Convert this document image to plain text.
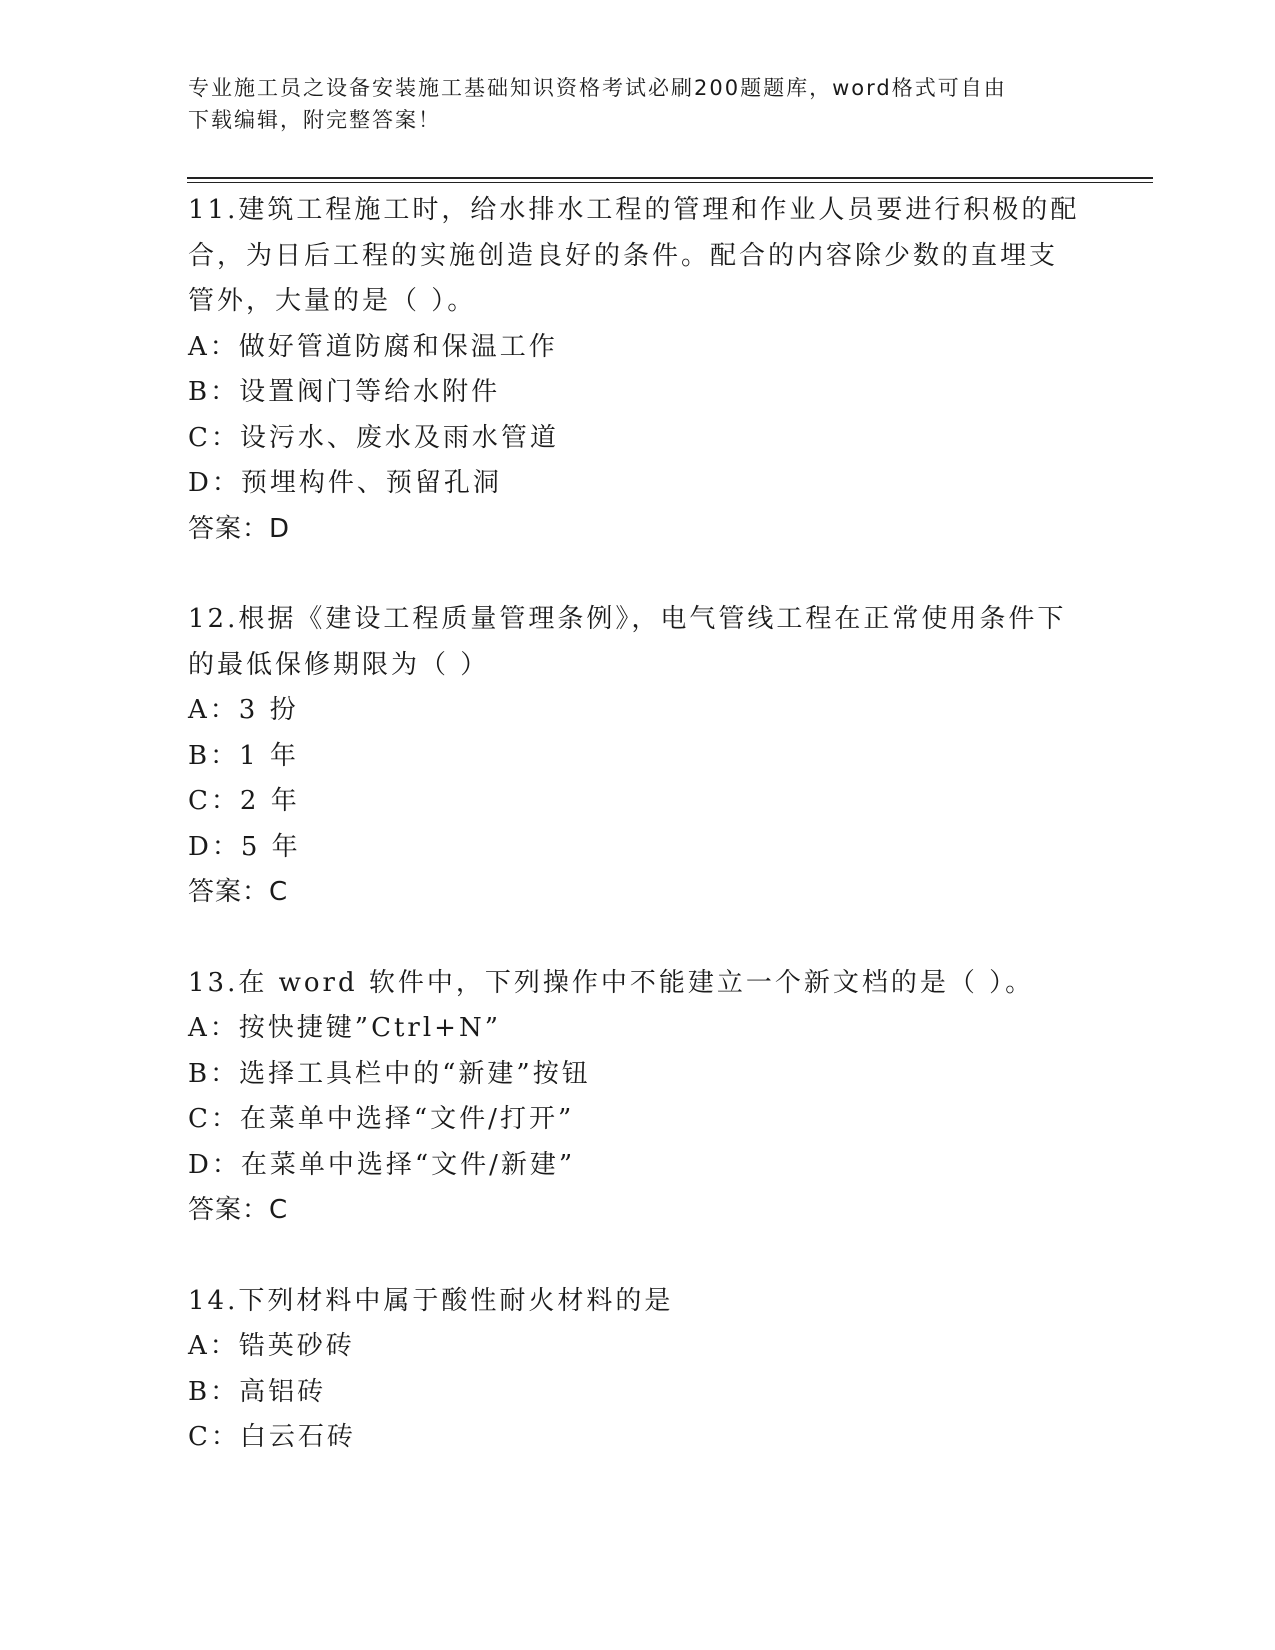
专业施工员之设备安装施工基础知识资格考试必刷200题题库，word格式可自由
下载编辑，附完整答案！

11.建筑工程施工时，给水排水工程的管理和作业人员要进行积极的配

合，为日后工程的实施创造良好的条件。配合的内容除少数的直埋支

管外，大量的是（ ）。

A：做好管道防腐和保温工作

B：设置阀门等给水附件

C：设污水、废水及雨水管道

D：预埋构件、预留孔洞

答案：D

12.根据《建设工程质量管理条例》，电气管线工程在正常使用条件下

的最低保修期限为（ ）

A：3 扮

B：1 年

C：2 年

D：5 年

答案：C

13.在 word 软件中，下列操作中不能建立一个新文档的是（ ）。

A：按快捷键”Ctrl+N”

B：选择工具栏中的“新建”按钮

C：在菜单中选择“文件/打开”

D：在菜单中选择“文件/新建”

答案：C

14.下列材料中属于酸性耐火材料的是

A：锆英砂砖

B：高铝砖

C：白云石砖
